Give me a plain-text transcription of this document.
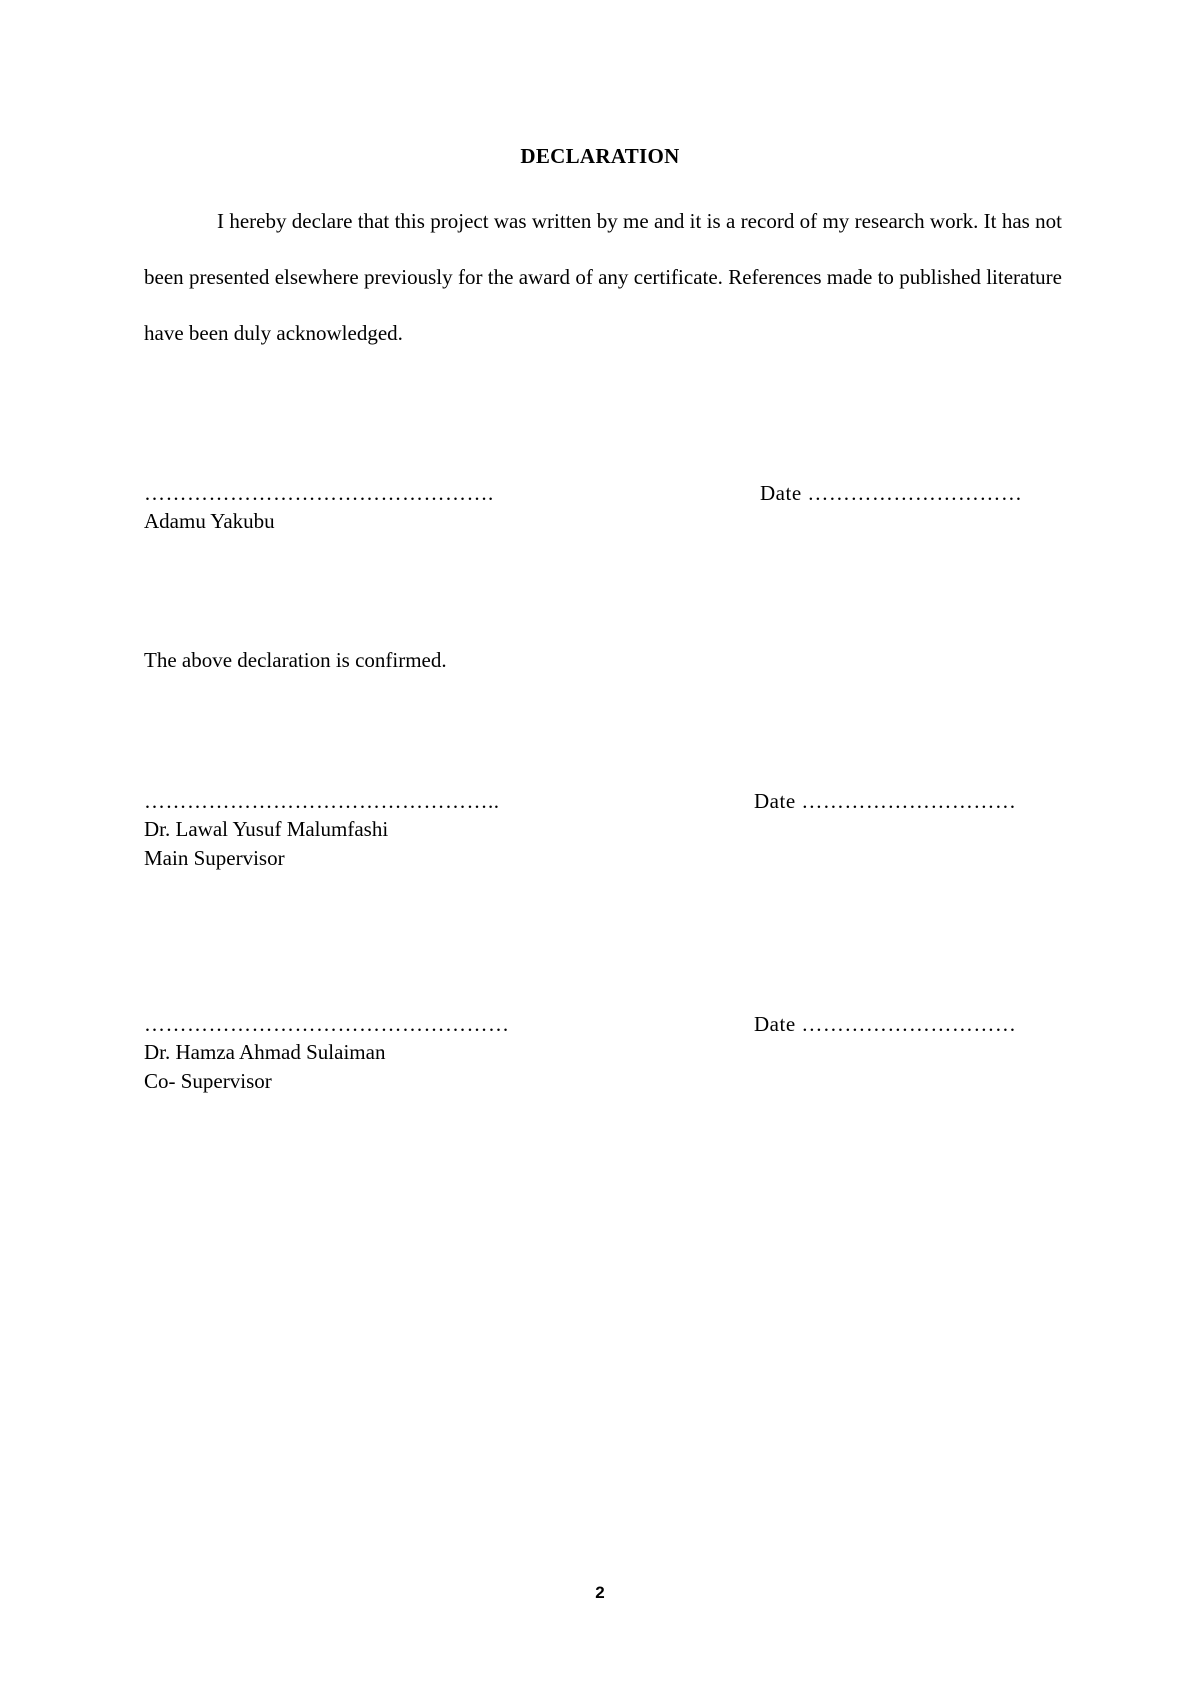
DECLARATION

I hereby declare that this project was written by me and it is a record of my research work. It has not been presented elsewhere previously for the award of any certificate. References made to published literature have been duly acknowledged.

………………………………………….	Date …………………………
Adamu Yakubu
The above declaration is confirmed.
…………………………………………..	Date …………………………
Dr. Lawal Yusuf Malumfashi
Main Supervisor
……………………………………………	Date …………………………
Dr. Hamza Ahmad Sulaiman
Co- Supervisor
2
